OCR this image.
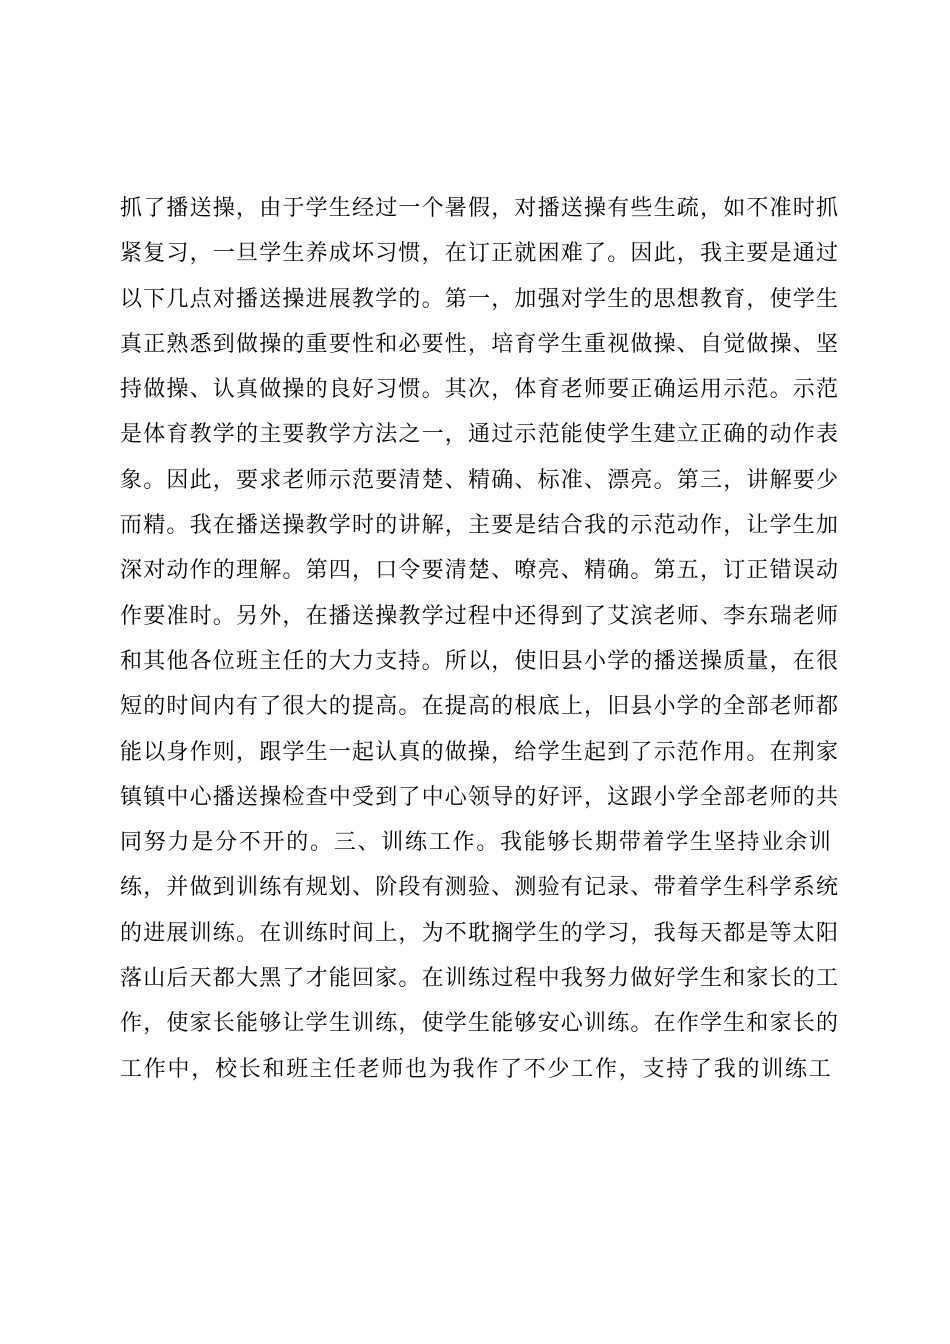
抓了播送操，由于学生经过一个暑假，对播送操有些生疏，如不准时抓
紧复习，一旦学生养成坏习惯，在订正就困难了。因此，我主要是通过
以下几点对播送操进展教学的。第一，加强对学生的思想教育，使学生
真正熟悉到做操的重要性和必要性，培育学生重视做操、自觉做操、坚
持做操、认真做操的良好习惯。其次，体育老师要正确运用示范。示范
是体育教学的主要教学方法之一，通过示范能使学生建立正确的动作表
象。因此，要求老师示范要清楚、精确、标准、漂亮。第三，讲解要少
而精。我在播送操教学时的讲解，主要是结合我的示范动作，让学生加
深对动作的理解。第四，口令要清楚、嘹亮、精确。第五，订正错误动
作要准时。另外，在播送操教学过程中还得到了艾滨老师、李东瑞老师
和其他各位班主任的大力支持。所以，使旧县小学的播送操质量，在很
短的时间内有了很大的提高。在提高的根底上，旧县小学的全部老师都
能以身作则，跟学生一起认真的做操，给学生起到了示范作用。在荆家
镇镇中心播送操检查中受到了中心领导的好评，这跟小学全部老师的共
同努力是分不开的。三、训练工作。我能够长期带着学生坚持业余训
练，并做到训练有规划、阶段有测验、测验有记录、带着学生科学系统
的进展训练。在训练时间上，为不耽搁学生的学习，我每天都是等太阳
落山后天都大黑了才能回家。在训练过程中我努力做好学生和家长的工
作，使家长能够让学生训练，使学生能够安心训练。在作学生和家长的
工作中，校长和班主任老师也为我作了不少工作，支持了我的训练工
